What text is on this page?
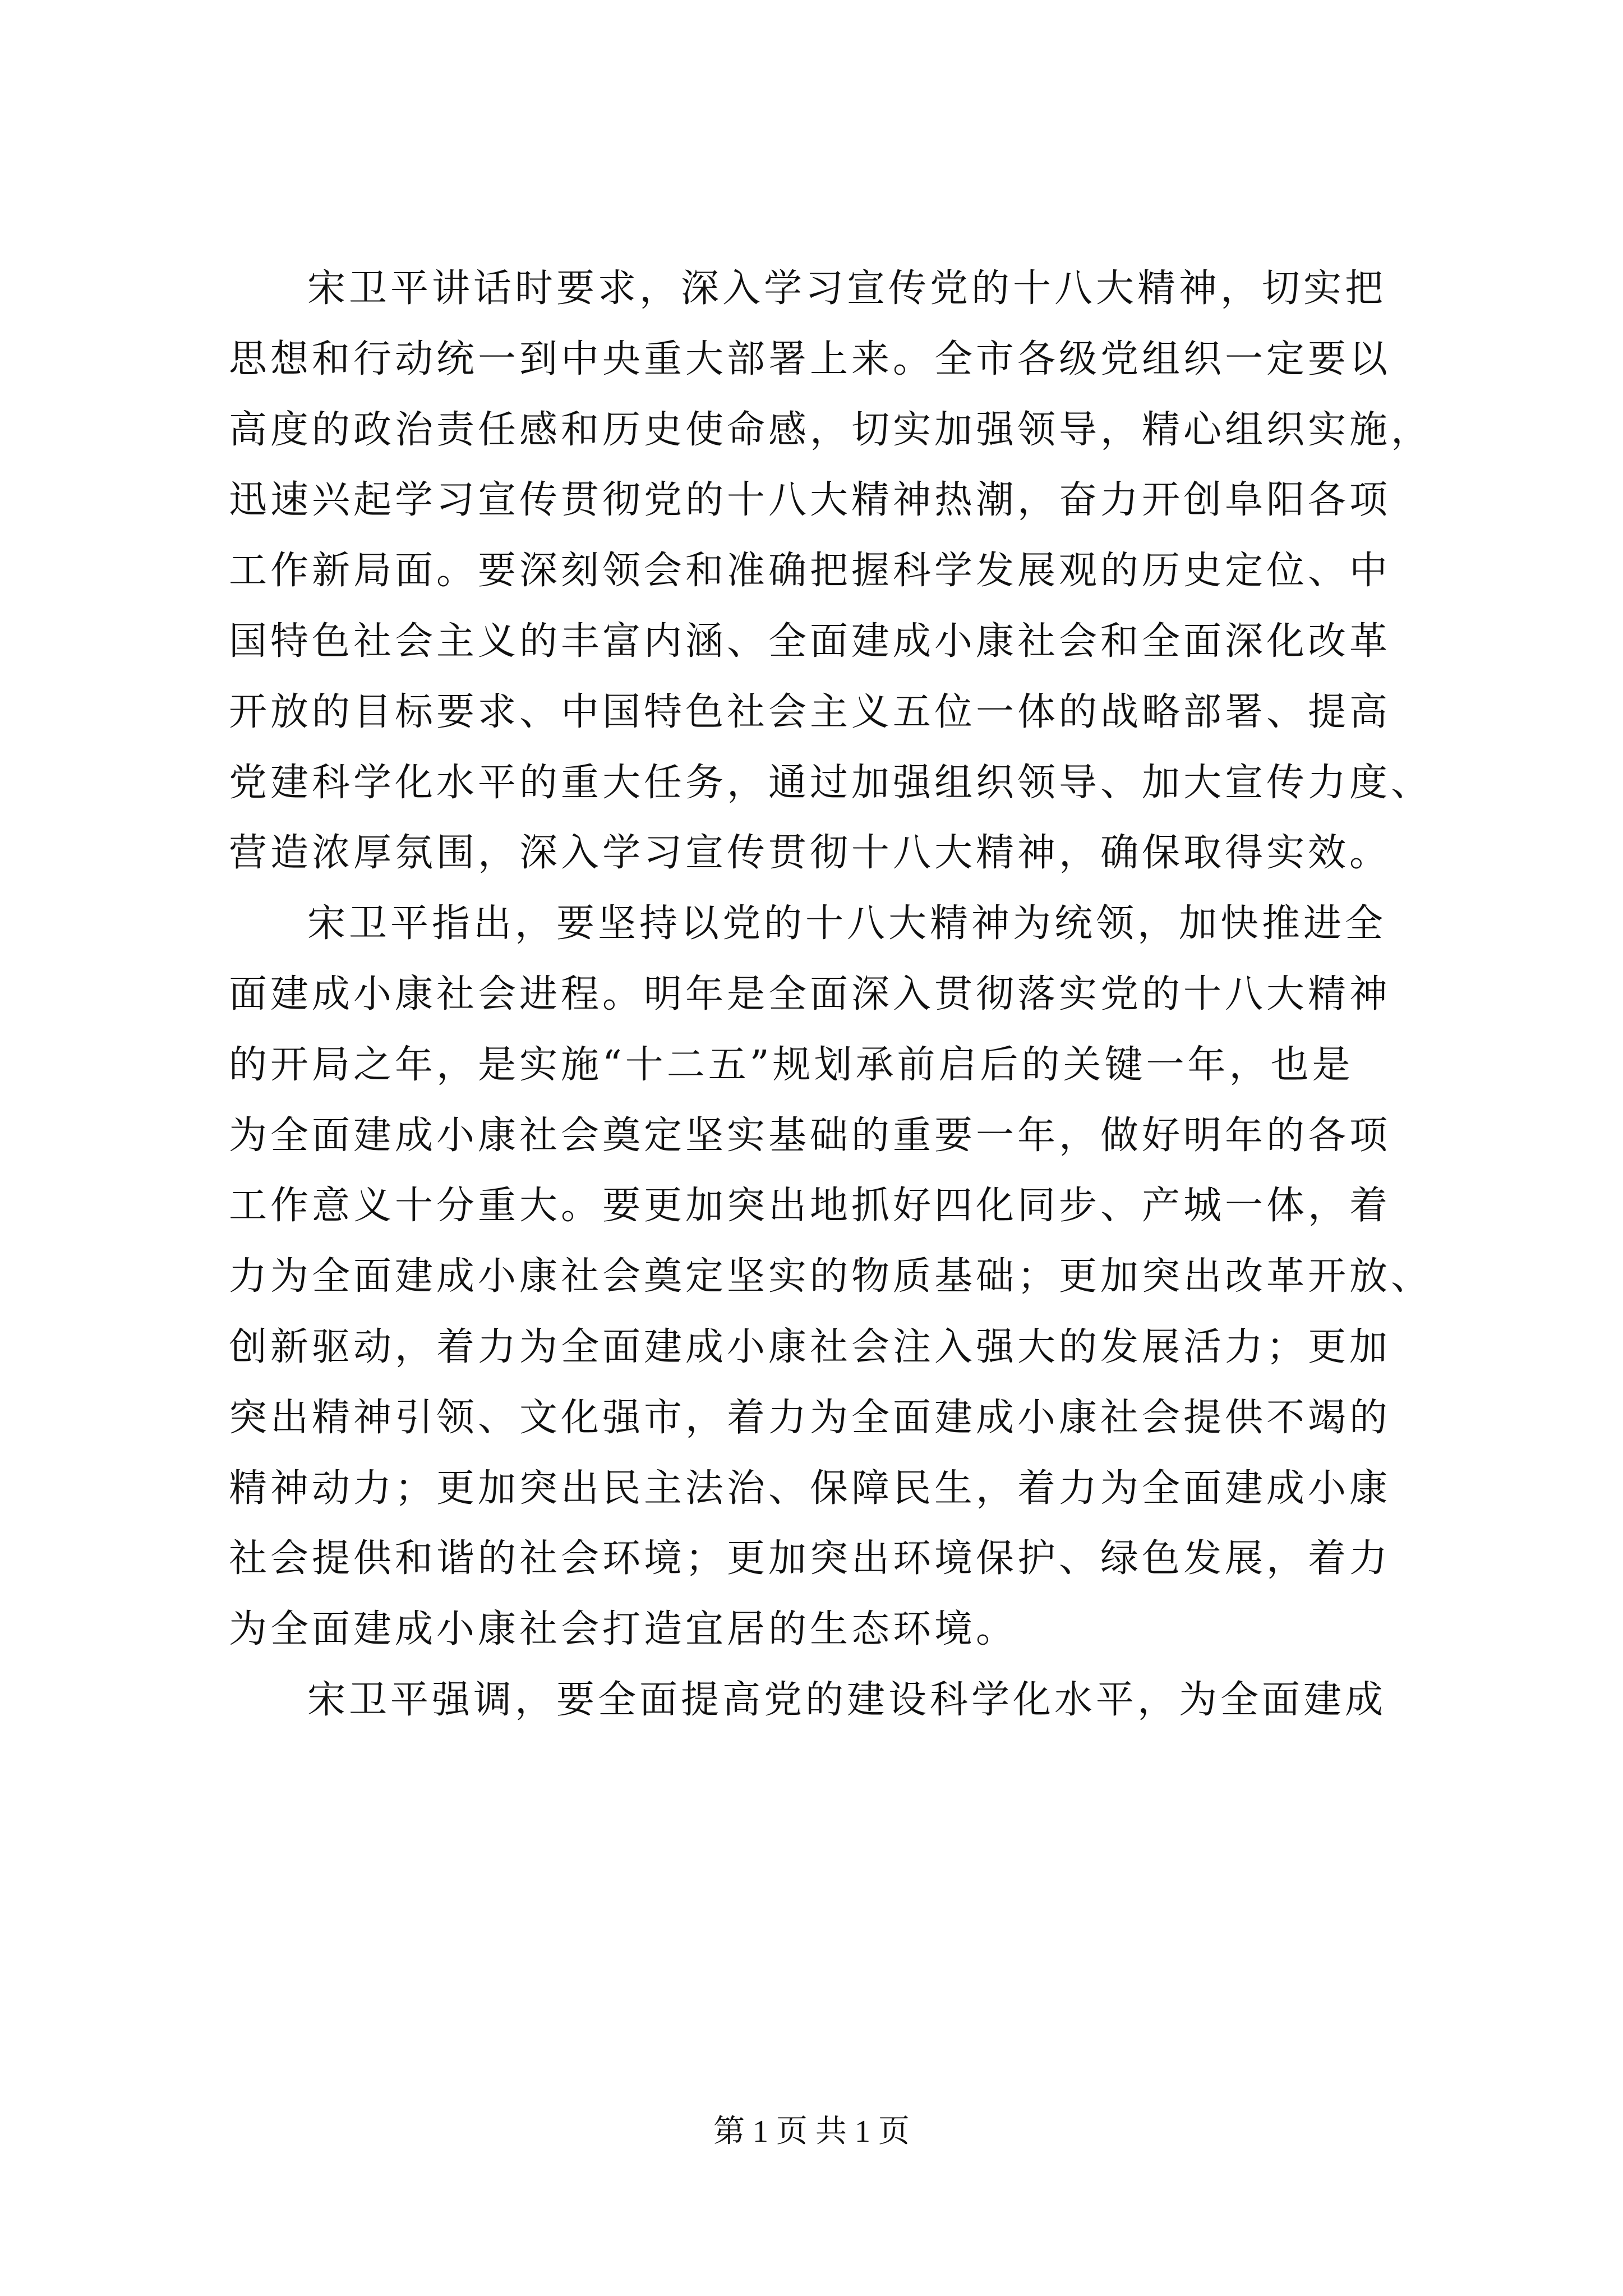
宋卫平讲话时要求，深入学习宣传党的十八大精神，切实把
思想和行动统一到中央重大部署上来。全市各级党组织一定要以
高度的政治责任感和历史使命感，切实加强领导，精心组织实施，
迅速兴起学习宣传贯彻党的十八大精神热潮，奋力开创阜阳各项
工作新局面。要深刻领会和准确把握科学发展观的历史定位、中
国特色社会主义的丰富内涵、全面建成小康社会和全面深化改革
开放的目标要求、中国特色社会主义五位一体的战略部署、提高
党建科学化水平的重大任务，通过加强组织领导、加大宣传力度、
营造浓厚氛围，深入学习宣传贯彻十八大精神，确保取得实效。

宋卫平指出，要坚持以党的十八大精神为统领，加快推进全
面建成小康社会进程。明年是全面深入贯彻落实党的十八大精神
的开局之年，是实施“十二五”规划承前启后的关键一年，也是
为全面建成小康社会奠定坚实基础的重要一年，做好明年的各项
工作意义十分重大。要更加突出地抓好四化同步、产城一体，着
力为全面建成小康社会奠定坚实的物质基础；更加突出改革开放、
创新驱动，着力为全面建成小康社会注入强大的发展活力；更加
突出精神引领、文化强市，着力为全面建成小康社会提供不竭的
精神动力；更加突出民主法治、保障民生，着力为全面建成小康
社会提供和谐的社会环境；更加突出环境保护、绿色发展，着力
为全面建成小康社会打造宜居的生态环境。

宋卫平强调，要全面提高党的建设科学化水平，为全面建成

第 1 页 共 1 页
